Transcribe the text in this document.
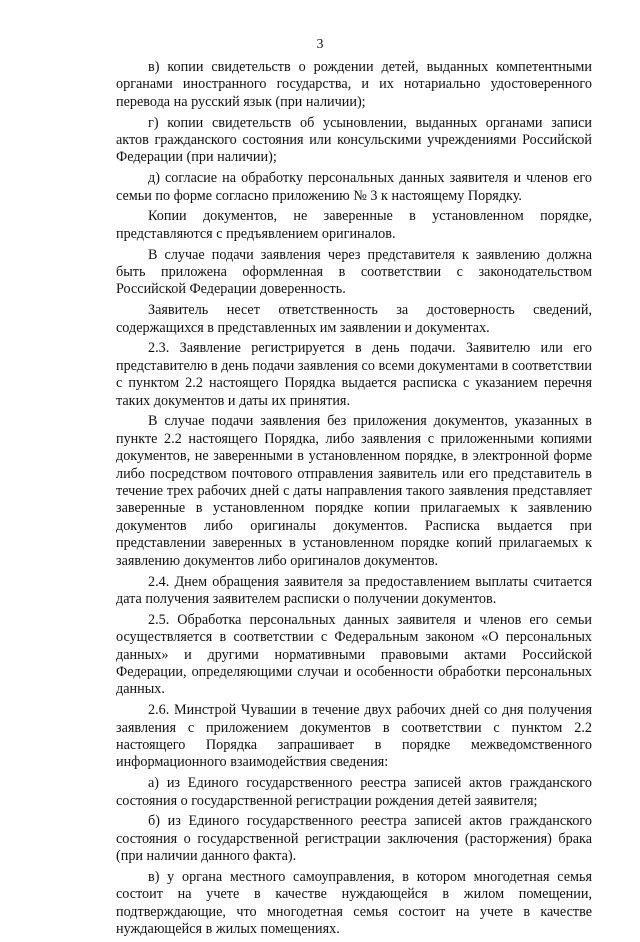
3

в) копии свидетельств о рождении детей, выданных компетентными органами иностранного государства, и их нотариально удостоверенного перевода на русский язык (при наличии);

г) копии свидетельств об усыновлении, выданных органами записи актов гражданского состояния или консульскими учреждениями Российской Федерации (при наличии);

д) согласие на обработку персональных данных заявителя и членов его семьи по форме согласно приложению № 3 к настоящему Порядку.

Копии документов, не заверенные в установленном порядке, представляются с предъявлением оригиналов.

В случае подачи заявления через представителя к заявлению должна быть приложена оформленная в соответствии с законодательством Российской Федерации доверенность.

Заявитель несет ответственность за достоверность сведений, содержащихся в представленных им заявлении и документах.

2.3. Заявление регистрируется в день подачи. Заявителю или его представителю в день подачи заявления со всеми документами в соответствии с пунктом 2.2 настоящего Порядка выдается расписка с указанием перечня таких документов и даты их принятия.

В случае подачи заявления без приложения документов, указанных в пункте 2.2 настоящего Порядка, либо заявления с приложенными копиями документов, не заверенными в установленном порядке, в электронной форме либо посредством почтового отправления заявитель или его представитель в течение трех рабочих дней с даты направления такого заявления представляет заверенные в установленном порядке копии прилагаемых к заявлению документов либо оригиналы документов. Расписка выдается при представлении заверенных в установленном порядке копий прилагаемых к заявлению документов либо оригиналов документов.

2.4. Днем обращения заявителя за предоставлением выплаты считается дата получения заявителем расписки о получении документов.

2.5. Обработка персональных данных заявителя и членов его семьи осуществляется в соответствии с Федеральным законом «О персональных данных» и другими нормативными правовыми актами Российской Федерации, определяющими случаи и особенности обработки персональных данных.

2.6. Минстрой Чувашии в течение двух рабочих дней со дня получения заявления с приложением документов в соответствии с пунктом 2.2 настоящего Порядка запрашивает в порядке межведомственного информационного взаимодействия сведения:

а) из Единого государственного реестра записей актов гражданского состояния о государственной регистрации рождения детей заявителя;

б) из Единого государственного реестра записей актов гражданского состояния о государственной регистрации заключения (расторжения) брака (при наличии данного факта).

в) у органа местного самоуправления, в котором многодетная семья состоит на учете в качестве нуждающейся в жилом помещении, подтверждающие, что многодетная семья состоит на учете в качестве нуждающейся в жилых помещениях.
